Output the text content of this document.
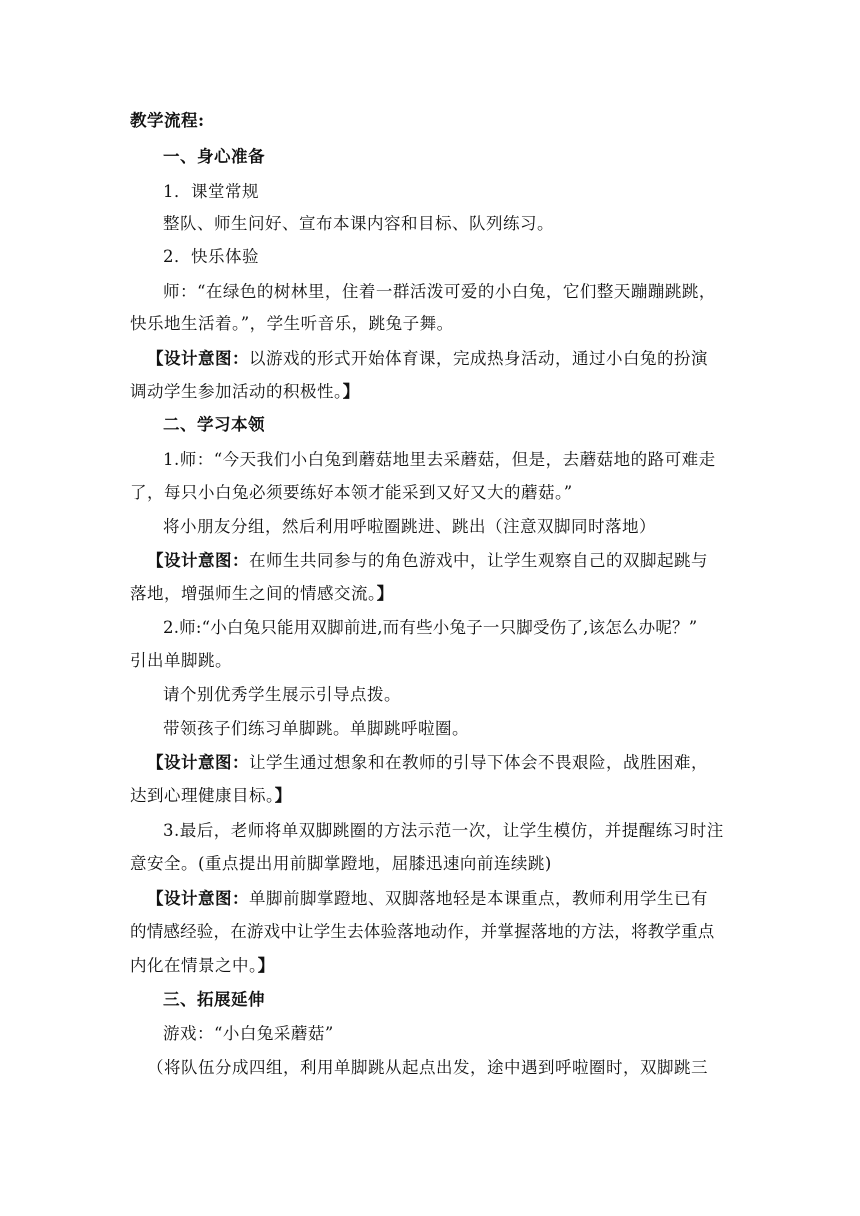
教学流程:
一、身心准备
1．课堂常规
整队、师生问好、宣布本课内容和目标、队列练习。
2．快乐体验
师：“在绿色的树林里，住着一群活泼可爱的小白兔，它们整天蹦蹦跳跳，
快乐地生活着。”，学生听音乐，跳兔子舞。
【设计意图：以游戏的形式开始体育课，完成热身活动，通过小白兔的扮演
调动学生参加活动的积极性。】
二、学习本领
1.师：“今天我们小白兔到蘑菇地里去采蘑菇，但是，去蘑菇地的路可难走
了，每只小白兔必须要练好本领才能采到又好又大的蘑菇。”
将小朋友分组，然后利用呼啦圈跳进、跳出（注意双脚同时落地）
【设计意图：在师生共同参与的角色游戏中，让学生观察自己的双脚起跳与
落地，增强师生之间的情感交流。】
2.师:“小白兔只能用双脚前进,而有些小兔子一只脚受伤了,该怎么办呢？”
引出单脚跳。
请个别优秀学生展示引导点拨。
带领孩子们练习单脚跳。单脚跳呼啦圈。
【设计意图：让学生通过想象和在教师的引导下体会不畏艰险，战胜困难，
达到心理健康目标。】
3.最后，老师将单双脚跳圈的方法示范一次，让学生模仿，并提醒练习时注
意安全。(重点提出用前脚掌蹬地，屈膝迅速向前连续跳)
【设计意图：单脚前脚掌蹬地、双脚落地轻是本课重点，教师利用学生已有
的情感经验，在游戏中让学生去体验落地动作，并掌握落地的方法，将教学重点
内化在情景之中。】
三、拓展延伸
游戏：“小白兔采蘑菇”
（将队伍分成四组，利用单脚跳从起点出发，途中遇到呼啦圈时，双脚跳三
